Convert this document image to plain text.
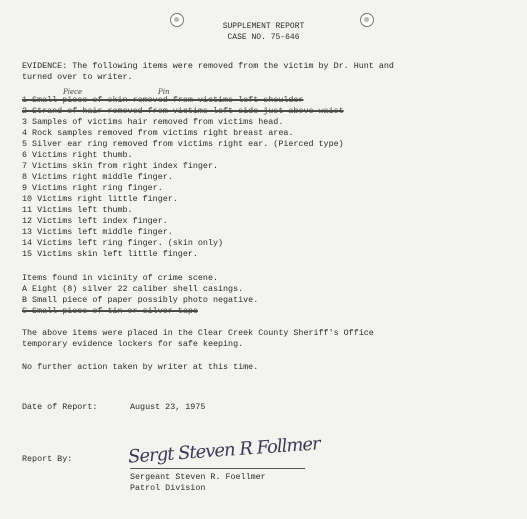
SUPPLEMENT REPORT
CASE NO. 75-646
EVIDENCE: The following items were removed from the victim by Dr. Hunt and
turned over to writer.
Piece	Pin
1 Small piece of skin removed from victims left shoulder
2 Strand of hair removed from victims left side just above waist
3 Samples of victims hair removed from victims head.
4 Rock samples removed from victims right breast area.
5 Silver ear ring removed from victims right ear. (Pierced type)
6 Victims right thumb.
7 Victims skin from right index finger.
8 Victims right middle finger.
9 Victims right ring finger.
10 Victims right little finger.
11 Victims left thumb.
12 Victims left index finger.
13 Victims left middle finger.
14 Victims left ring finger. (skin only)
15 Victims skin left little finger.
Items found in vicinity of crime scene.
A Eight (8) silver 22 caliber shell casings.
B Small piece of paper possibly photo negative.
C Small piece of tin or silver tape
The above items were placed in the Clear Creek County Sheriff's Office
temporary evidence lockers for safe keeping.
No further action taken by writer at this time.
Date of Report:	August 23, 1975
Report By:	Sergt Steven R Follmer
Sergeant Steven R. Foellmer
Patrol Division
